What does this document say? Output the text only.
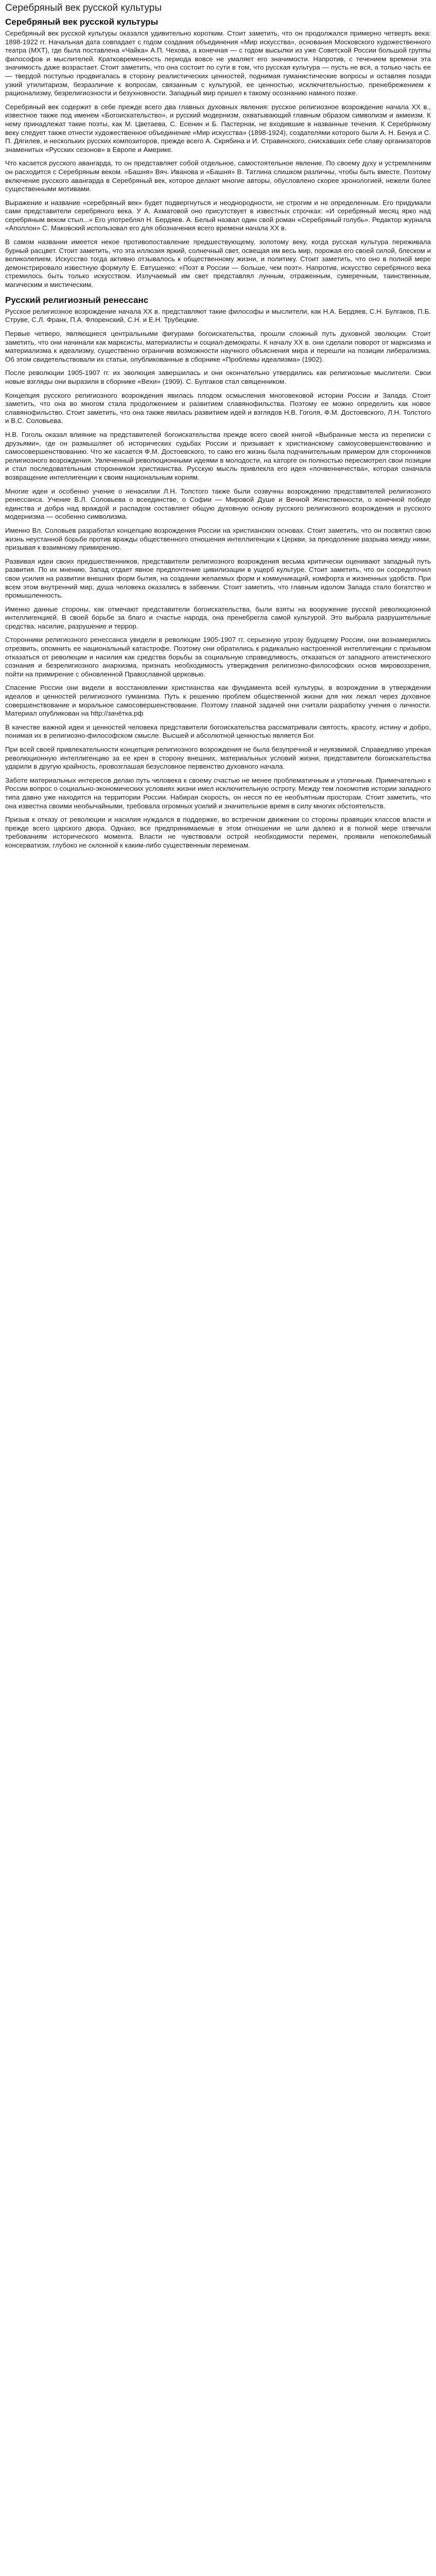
Серебряный век русской культуры
Серебряный век русской культуры

Серебряный век русской культуры оказался удивительно коротким. Стоит заметить, что он продолжался примерно четверть века: 1898-1922 гг. Начальная дата совпадает с годом создания объединения «Мир искусства», основания Московского художественного театра (МХТ), где была поставлена «Чайка» А.П. Чехова, а конечная — с годом высылки из уже Советской России большой группы философов и мыслителей. Кратковременность периода вовсе не умаляет его значимости. Напротив, с течением времени эта значимость даже возрастает. Стоит заметить, что она состоит по сути в том, что русская культура — пусть не вся, а только часть ее — твердой поступью продвигалась в сторону реалистических ценностей, поднимая гуманистические вопросы и оставляя позади узкий утилитаризм, безразличие к вопросам, связанным с культурой, ее ценностью, исключительностью, пренебрежением к рационализму, безрелигиозности и безухновности. Западный мир пришел к такому осознанию намного позже.

Серебряный век содержит в себе прежде всего два главных духовных явления: русское религиозное возрождение начала ХХ в., известное также под именем «Богоискательство», и русский модернизм, охватывающий главным образом символизм и акмеизм. К нему принадлежат такие поэты, как М. Цветаева, С. Есенин и Б. Пастернак, не входившие в названные течения. К Серебряному веку следует также отнести художественное объединение «Мир искусства» (1898-1924), создателями которого были А. Н. Бенуа и С. П. Дягилев, и нескольких русских композиторов, прежде всего А. Скрябина и И. Стравинского, снискавших себе славу организаторов знаменитых «Русских сезонов» в Европе и Америке.

Что касается русского авангарда, то он представляет собой отдельное, самостоятельное явление. По своему духу и устремлениям он расходится с Серебряным веком. «Башня» Вяч. Иванова и «Башня» В. Татлина слишком различны, чтобы быть вместе. Поэтому включение русского авангарда в Серебряный век, которое делают многие авторы, обусловлено скорее хронологией, нежели более существенными мотивами.

Выражение и название «серебряный век» будет подвергнуться и неоднородности, не строгим и не определенным. Его придумали сами представители серебряного века. У А. Ахматовой оно присутствует в известных строчках: «И серебряный месяц ярко над серебряным веком стыл...» Его употреблял Н. Бердяев. А. Белый назвал один свой роман «Серебряный голубь». Редактор журнала «Аполлон» С. Маковский использовал его для обозначения всего времени начала ХХ в.

В самом названии имеется некое противопоставление предшествующему, золотому веку, когда русская культура переживала бурный расцвет. Стоит заметить, что эта иллюзия яркий, солнечный свет, освещая им весь мир, порожая его своей силой, блеском и великолепием. Искусство тогда активно отзывалось к общественному жизни, и политику. Стоит заметить, что оно в полной мере демонстрировало известную формулу Е. Евтушенко: «Поэт в России — больше, чем поэт». Напротив, искусство серебряного века стремилось быть только искусством. Излучаемый им свет представлял лунным, отраженным, сумеречным, таинственным, магическим и мистическим.

Русский религиозный ренессанс

Русское религиозное возрождение начала ХХ в. представляют такие философы и мыслители, как Н.А. Бердяев, С.Н. Булгаков, П.Б. Струве, С.Л. Франк, П.А. Флоренский, С.Н. и Е.Н. Трубецкие.

Первые четверо, являющиеся центральными фигурами богоискательства, прошли сложный путь духовной эволюции. Стоит заметить, что они начинали как марксисты, материалисты и социал-демократы. К началу ХХ в. они сделали поворот от марксизма и материализма к идеализму, существенно ограничив возможности научного объяснения мира и перешли на позиции либерализма. Об этом свидетельствовали их статьи, опубликованные в сборнике «Проблемы идеализма» (1902).

После революции 1905-1907 гг. их эволюция завершилась и они окончательно утвердились как религиозные мыслители. Свои новые взгляды они выразили в сборнике «Вехи» (1909). С. Булгаков стал священником.

Концепция русского религиозного возрождения явилась плодом осмысления многовековой истории России и Запада. Стоит заметить, что она во многом стала продолжением и развитием славянофильства. Поэтому ее можно определить как новое славянофильство. Стоит заметить, что она также явилась развитием идей и взглядов Н.В. Гоголя, Ф.М. Достоевского, Л.Н. Толстого и В.С. Соловьева.

Н.В. Гоголь оказал влияние на представителей богоискательства прежде всего своей книгой «Выбранные места из переписки с друзьями», где он размышляет об исторических судьбах России и призывает к христианскому самоусовершенствованию и самосовершенствованию. Что же касается Ф.М. Достоевского, то само его жизнь была подчинительным примером для сторонников религиозного возрождения. Увлеченный революционными идеями в молодости, на каторге он полностью пересмотрел свои позиции и стал последовательным сторонником христианства. Русскую мысль привлекла его идея «почвенничества», которая означала возвращение интеллигенции к своим национальным корням.

Многие идеи и особенно учение о ненасилии Л.Н. Толстого также были созвучны возрождению представителей религиозного ренессанса. Учение В.Л. Соловьева о всеединстве, о Софии — Мировой Душе и Вечной Женственности, о конечной победе единства и добра над враждой и распадом составляет общую духовную основу русского религиозного возрождения и русского модернизма — особенно символизма.

Именно Вл. Соловьев разработал концепцию возрождения России на христианских основах. Стоит заметить, что он посвятил свою жизнь неустанной борьбе против вражды общественного отношения интеллигенции к Церкви, за преодоление разрыва между ними, призывая к взаимному примирению.

Развивая идеи своих предшественников, представители религиозного возрождения весьма критически оценивают западный путь развития. По их мнению, Запад отдает явное предпочтение цивилизации в ущерб культуре. Стоит заметить, что он сосредоточил свои усилия на развитии внешних форм бытия, на создании желаемых форм и коммуникаций, комфорта и жизненных удобств. При всем этом внутренний мир, душа человека оказались в забвении. Стоит заметить, что главным идолом Запада стало богатство и промышленность.

Именно данные стороны, как отмечают представители богоискательства, были взяты на вооружение русской революционной интеллигенцией. В своей борьбе за благо и счастье народа, она пренебрегла самой культурой. Это выбрала разрушительные средства, насилие, разрушение и террор.

Сторонники религиозного ренессанса увидели в революции 1905-1907 гг. серьезную угрозу будущему России, они вознамерились отрезвить, опомнить ее национальный катастрофе. Поэтому они обратились к радикально настроенной интеллигенции с призывом отказаться от революции и насилия как средства борьбы за социальную справедливость, отказаться от западного атеистического сознания и безрелигиозного анархизма, признать необходимость утверждения религиозно-философских основ мировоззрения, пойти на примирение с обновленной Православной церковью.

Спасение России они видели в восстановлении христианства как фундамента всей культуры, в возрождении в утверждении идеалов и ценностей религиозного гуманизма. Путь к решению проблем общественной жизни для них лежал через духовное совершенствование и моральное самосовершенствование. Поэтому главной задачей они считали разработку учения о личности. Материал опубликован на http://зачётка.рф

В качестве важной идеи и ценностей человека представители богоискательства рассматривали святость, красоту, истину и добро, понимая их в религиозно-философском смысле. Высшей и абсолютной ценностью является Бог.

При всей своей привлекательности концепция религиозного возрождения не была безупречной и неуязвимой. Справедливо упрекая революционную интеллигенцию за ее крен в сторону внешних, материальных условий жизни, представители богоискательства ударили в другую крайность, провозглашая безусловное первенство духовного начала.

Заботе материальных интересов делаю путь человека к своему счастью не менее проблематичным и утопичным. Примечательно к России вопрос о социально-экономических условиях жизни имел исключительную остроту. Между тем локомотив истории западного типа давно уже находится на территории России. Набирая скорость, он несся по ее необъятным просторам. Стоит заметить, что она известна своими необычайными, требовала огромных усилий и значительное время в силу многих обстоятельств.

Призыв к отказу от революции и насилия нуждался в поддержке, во встречном движении со стороны правящих классов власти и прежде всего царского двора. Однако, все предпринимаемые в этом отношении не шли далеко и в полной мере отвечали требованиям исторического момента. Власти не чувствовали острой необходимости перемен, проявили непоколебимый консерватизм, глубоко не склонной к каким-либо существенным переменам.
